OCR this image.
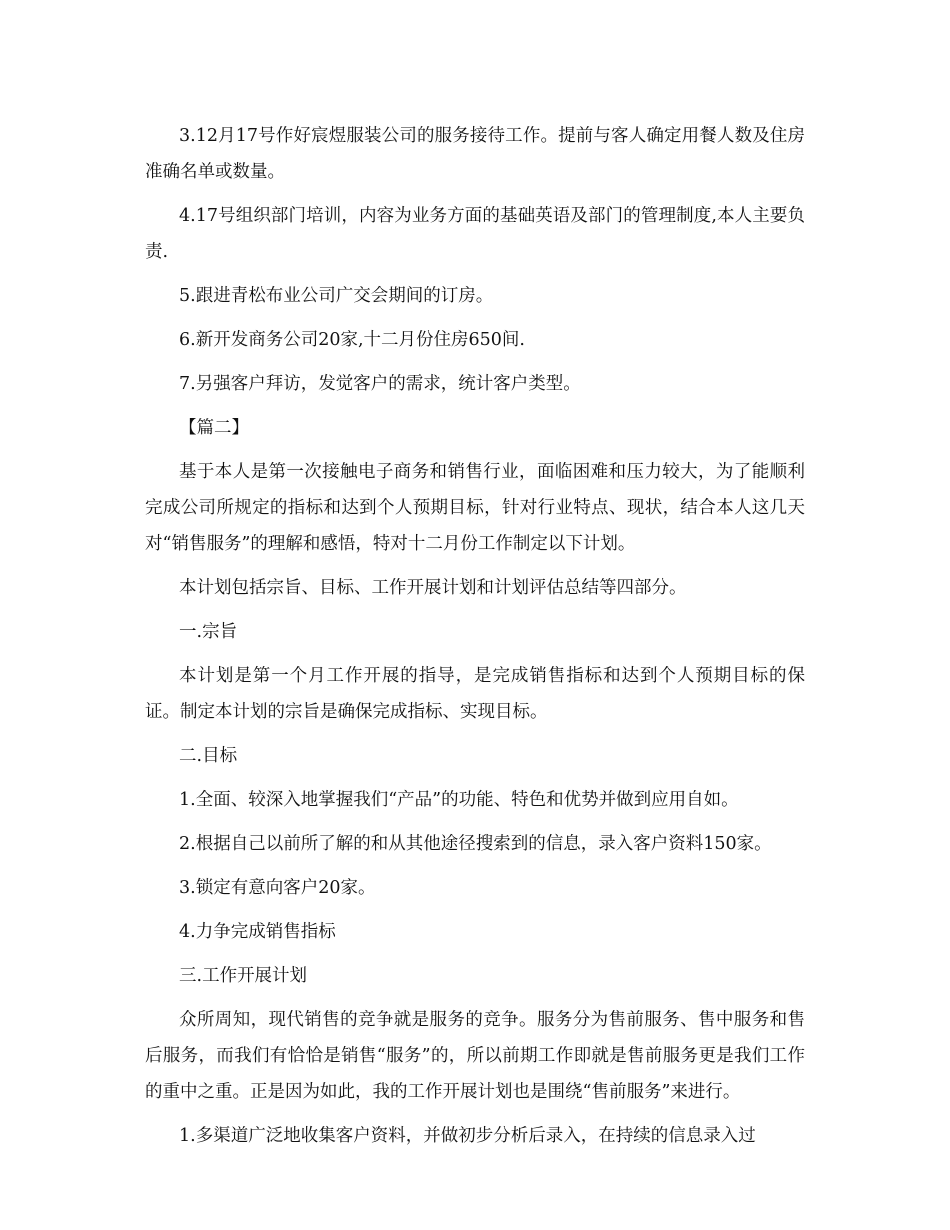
3.12月17号作好宸煜服装公司的服务接待工作。提前与客人确定用餐人数及住房准确名单或数量。

4.17号组织部门培训，内容为业务方面的基础英语及部门的管理制度,本人主要负责.

5.跟进青松布业公司广交会期间的订房。

6.新开发商务公司20家,十二月份住房650间.

7.另强客户拜访，发觉客户的需求，统计客户类型。

【篇二】

基于本人是第一次接触电子商务和销售行业，面临困难和压力较大，为了能顺利完成公司所规定的指标和达到个人预期目标，针对行业特点、现状，结合本人这几天对“销售服务”的理解和感悟，特对十二月份工作制定以下计划。

本计划包括宗旨、目标、工作开展计划和计划评估总结等四部分。

一.宗旨

本计划是第一个月工作开展的指导，是完成销售指标和达到个人预期目标的保证。制定本计划的宗旨是确保完成指标、实现目标。

二.目标

1.全面、较深入地掌握我们“产品”的功能、特色和优势并做到应用自如。

2.根据自己以前所了解的和从其他途径搜索到的信息，录入客户资料150家。

3.锁定有意向客户20家。

4.力争完成销售指标

三.工作开展计划

众所周知，现代销售的竞争就是服务的竞争。服务分为售前服务、售中服务和售后服务，而我们有恰恰是销售“服务”的，所以前期工作即就是售前服务更是我们工作的重中之重。正是因为如此，我的工作开展计划也是围绕“售前服务”来进行。

1.多渠道广泛地收集客户资料，并做初步分析后录入，在持续的信息录入过
